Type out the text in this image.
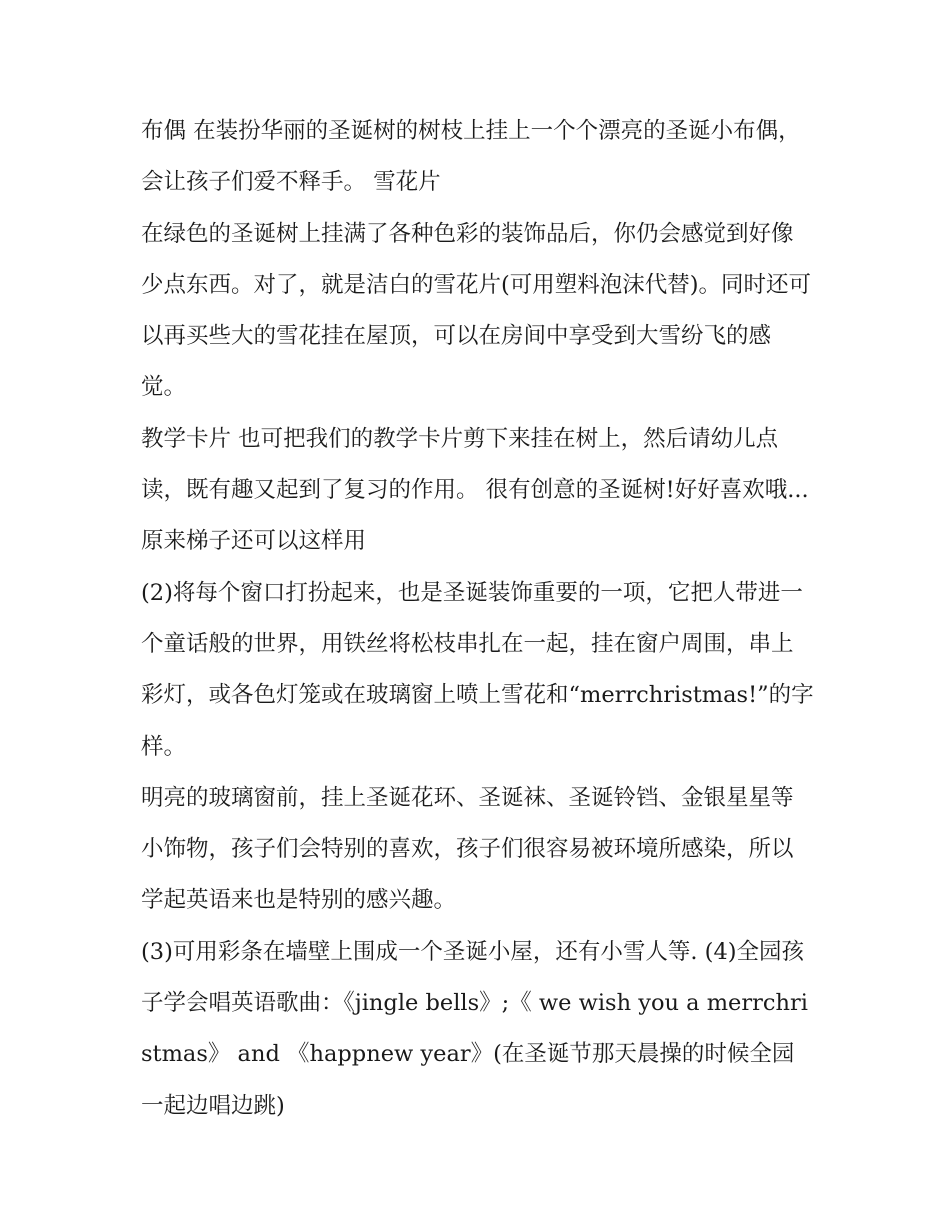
布偶 在装扮华丽的圣诞树的树枝上挂上一个个漂亮的圣诞小布偶，会让孩子们爱不释手。 雪花片

在绿色的圣诞树上挂满了各种色彩的装饰品后，你仍会感觉到好像少点东西。对了，就是洁白的雪花片(可用塑料泡沫代替)。同时还可以再买些大的雪花挂在屋顶，可以在房间中享受到大雪纷飞的感觉。

教学卡片 也可把我们的教学卡片剪下来挂在树上，然后请幼儿点读，既有趣又起到了复习的作用。 很有创意的圣诞树!好好喜欢哦... 原来梯子还可以这样用

(2)将每个窗口打扮起来，也是圣诞装饰重要的一项，它把人带进一个童话般的世界，用铁丝将松枝串扎在一起，挂在窗户周围，串上彩灯，或各色灯笼或在玻璃窗上喷上雪花和“merrchristmas!”的字样。

明亮的玻璃窗前，挂上圣诞花环、圣诞袜、圣诞铃铛、金银星星等小饰物，孩子们会特别的喜欢，孩子们很容易被环境所感染，所以学起英语来也是特别的感兴趣。

(3)可用彩条在墙壁上围成一个圣诞小屋，还有小雪人等. (4)全园孩子学会唱英语歌曲：《jingle bells》;《 we wish you a merrchristmas》 and 《happnew year》(在圣诞节那天晨操的时候全园一起边唱边跳)
